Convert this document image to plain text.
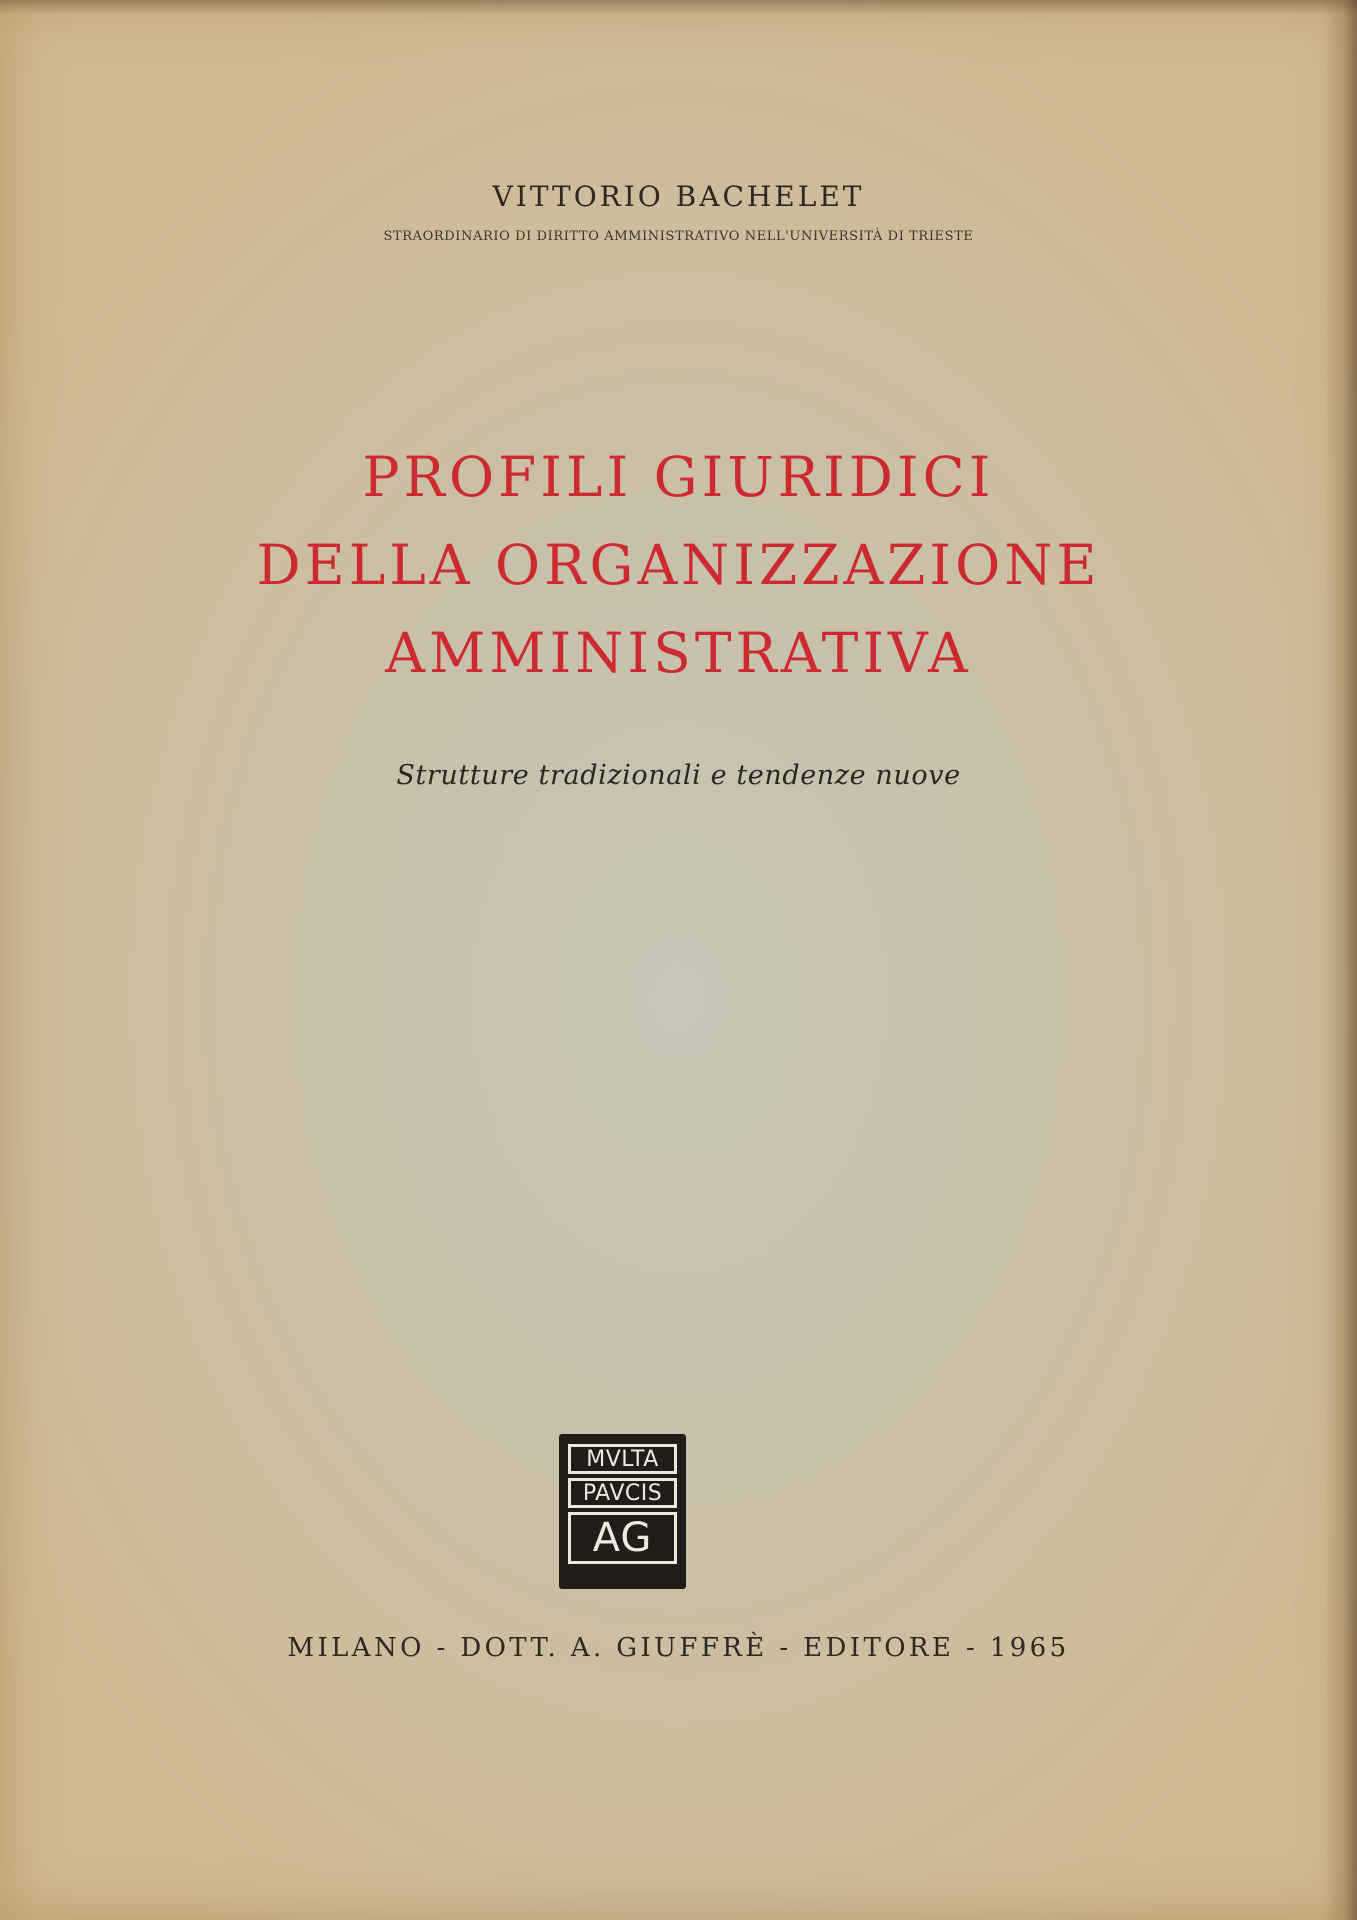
VITTORIO BACHELET
STRAORDINARIO DI DIRITTO AMMINISTRATIVO NELL'UNIVERSITÀ DI TRIESTE
PROFILI GIURIDICI
DELLA ORGANIZZAZIONE
AMMINISTRATIVA
Strutture tradizionali e tendenze nuove
MVLTA
PAVCIS
AG
MILANO - DOTT. A. GIUFFRÈ - EDITORE - 1965
